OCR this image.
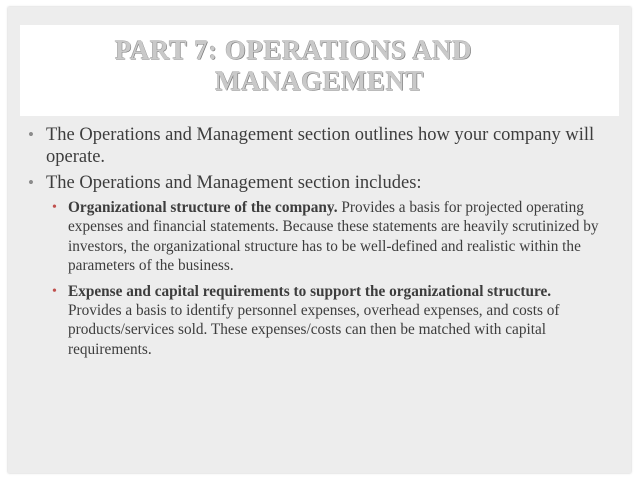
PART 7: OPERATIONS AND
MANAGEMENT
• The Operations and Management section outlines how your company will operate.
• The Operations and Management section includes:
• Organizational structure of the company. Provides a basis for projected operating expenses and financial statements. Because these statements are heavily scrutinized by investors, the organizational structure has to be well-defined and realistic within the parameters of the business.
• Expense and capital requirements to support the organizational structure. Provides a basis to identify personnel expenses, overhead expenses, and costs of products/services sold. These expenses/costs can then be matched with capital requirements.
